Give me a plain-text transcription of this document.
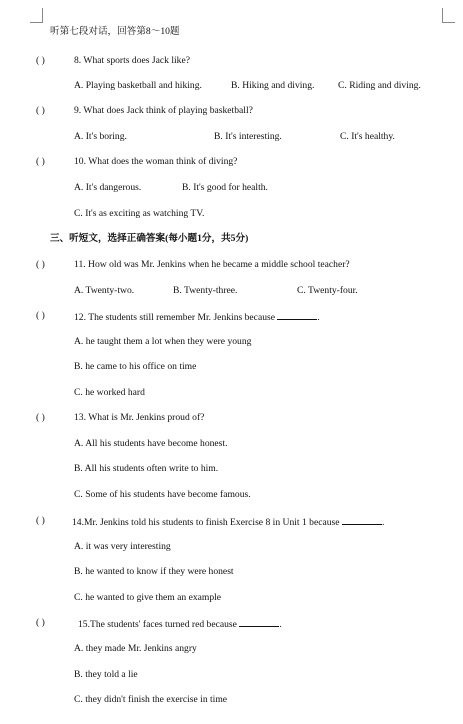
听第七段对话，回答第8～10题
( )	8. What sports does Jack like?
A. Playing basketball and hiking.	B. Hiking and diving. C. Riding and diving.
( )	9. What does Jack think of playing basketball?
A. It's boring.	B. It's interesting.	C. It's healthy.
( )	10. What does the woman think of diving?
A. It's dangerous.	B. It's good for health.
C. It's as exciting as watching TV.
三、听短文，选择正确答案(每小题1分，共5分)
( )	11. How old was Mr. Jenkins when he became a middle school teacher?
A. Twenty-two.	B. Twenty-three.	C. Twenty-four.
( )	12. The students still remember Mr. Jenkins because	.
A. he taught them a lot when they were young
B. he came to his office on time
C. he worked hard
( )	13. What is Mr. Jenkins proud of?
A. All his students have become honest.
B. All his students often write to him.
C. Some of his students have become famous.
( )	14.Mr. Jenkins told his students to finish Exercise 8 in Unit 1 because	.
A. it was very interesting
B. he wanted to know if they were honest
C. he wanted to give them an example
( )	15.The students' faces turned red because	.
A. they made Mr. Jenkins angry
B. they told a lie
C. they didn't finish the exercise in time
